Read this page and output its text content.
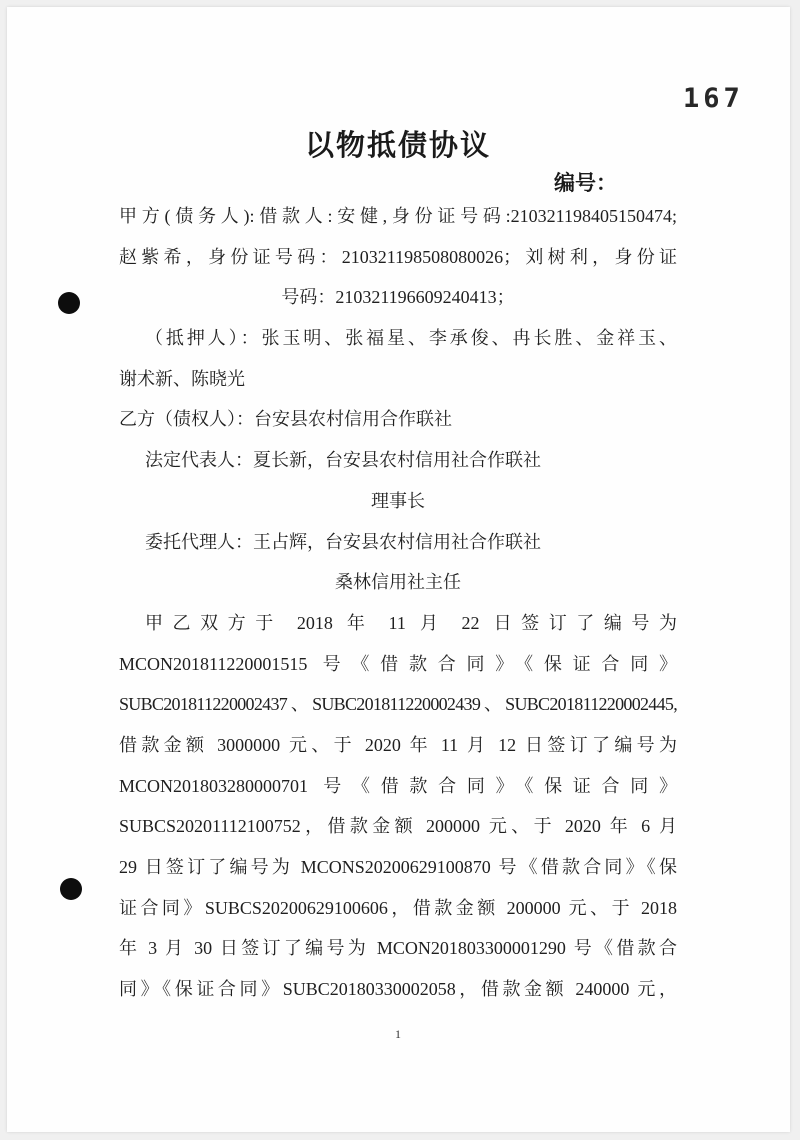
167
以物抵债协议
编号：
甲方(债务人):借款人:安健,身份证号码:210321198405150474;
赵紫希，身份证号码：210321198508080026；刘树利，身份证
号码：210321196609240413；
（抵押人）：张玉明、张福星、李承俊、冉长胜、金祥玉、
谢术新、陈晓光
乙方（债权人）：台安县农村信用合作联社
法定代表人：夏长新，台安县农村信用社合作联社
理事长
委托代理人：王占辉，台安县农村信用社合作联社
桑林信用社主任
甲乙双方于 2018 年 11 月 22 日签订了编号为
MCON201811220001515 号《借款合同》《保证合同》
SUBC201811220002437、SUBC201811220002439、SUBC201811220002445,
借款金额 3000000 元、于 2020 年 11 月 12 日签订了编号为
MCON201803280000701 号《借款合同》《保证合同》
SUBCS20201112100752，借款金额 200000 元、于 2020 年 6 月
29 日签订了编号为 MCONS20200629100870 号《借款合同》《保
证合同》SUBCS20200629100606，借款金额 200000 元、于 2018
年 3 月 30 日签订了编号为 MCON201803300001290 号《借款合
同》《保证合同》SUBC20180330002058，借款金额 240000 元，
1
